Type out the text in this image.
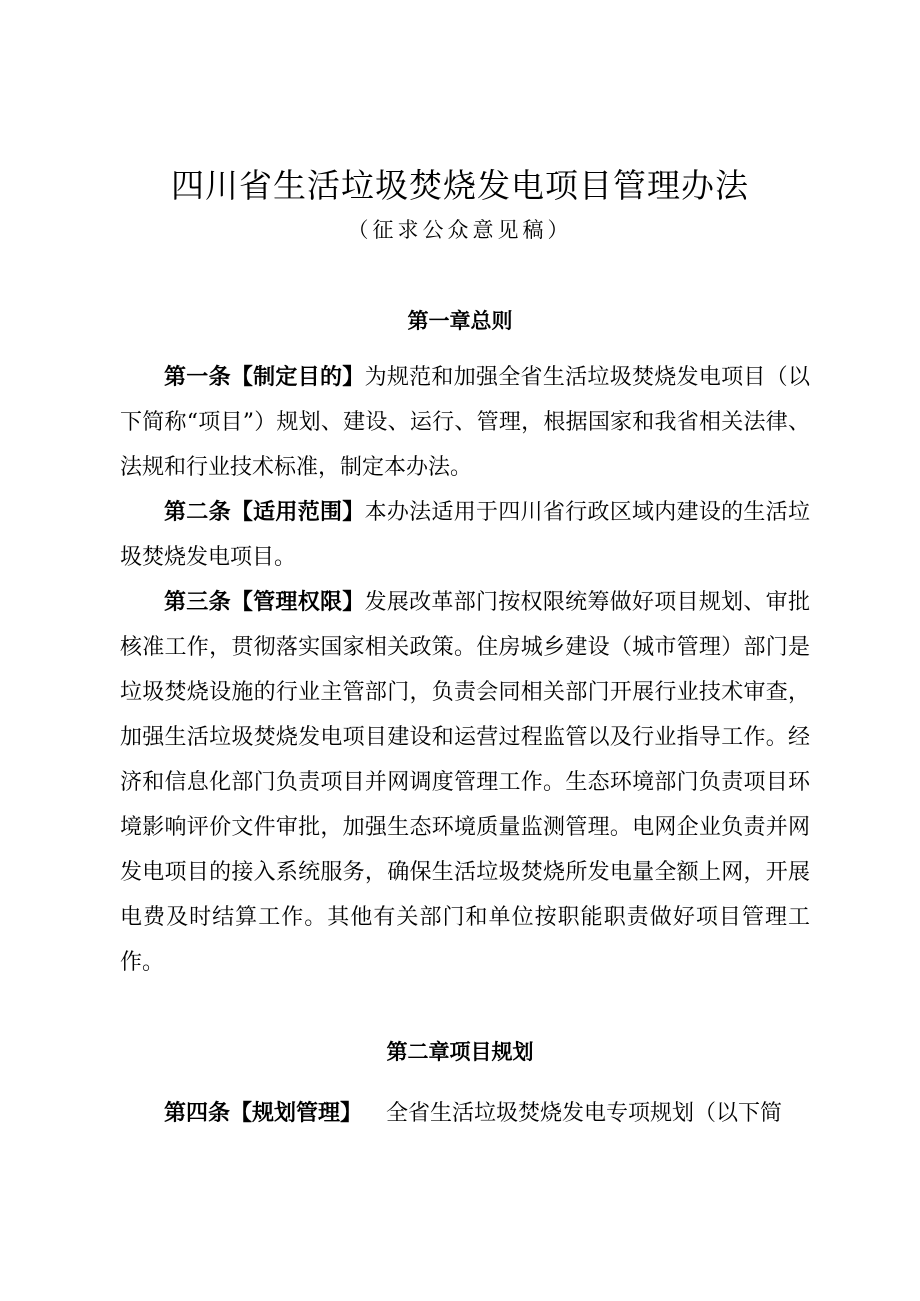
四川省生活垃圾焚烧发电项目管理办法
（征求公众意见稿）
第一章总则

第一条【制定目的】为规范和加强全省生活垃圾焚烧发电项目（以下简称“项目”）规划、建设、运行、管理，根据国家和我省相关法律、法规和行业技术标准，制定本办法。

第二条【适用范围】本办法适用于四川省行政区域内建设的生活垃圾焚烧发电项目。

第三条【管理权限】发展改革部门按权限统筹做好项目规划、审批核准工作，贯彻落实国家相关政策。住房城乡建设（城市管理）部门是垃圾焚烧设施的行业主管部门，负责会同相关部门开展行业技术审查，加强生活垃圾焚烧发电项目建设和运营过程监管以及行业指导工作。经济和信息化部门负责项目并网调度管理工作。生态环境部门负责项目环境影响评价文件审批，加强生态环境质量监测管理。电网企业负责并网发电项目的接入系统服务，确保生活垃圾焚烧所发电量全额上网，开展电费及时结算工作。其他有关部门和单位按职能职责做好项目管理工作。

第二章项目规划

第四条【规划管理】 全省生活垃圾焚烧发电专项规划（以下简
